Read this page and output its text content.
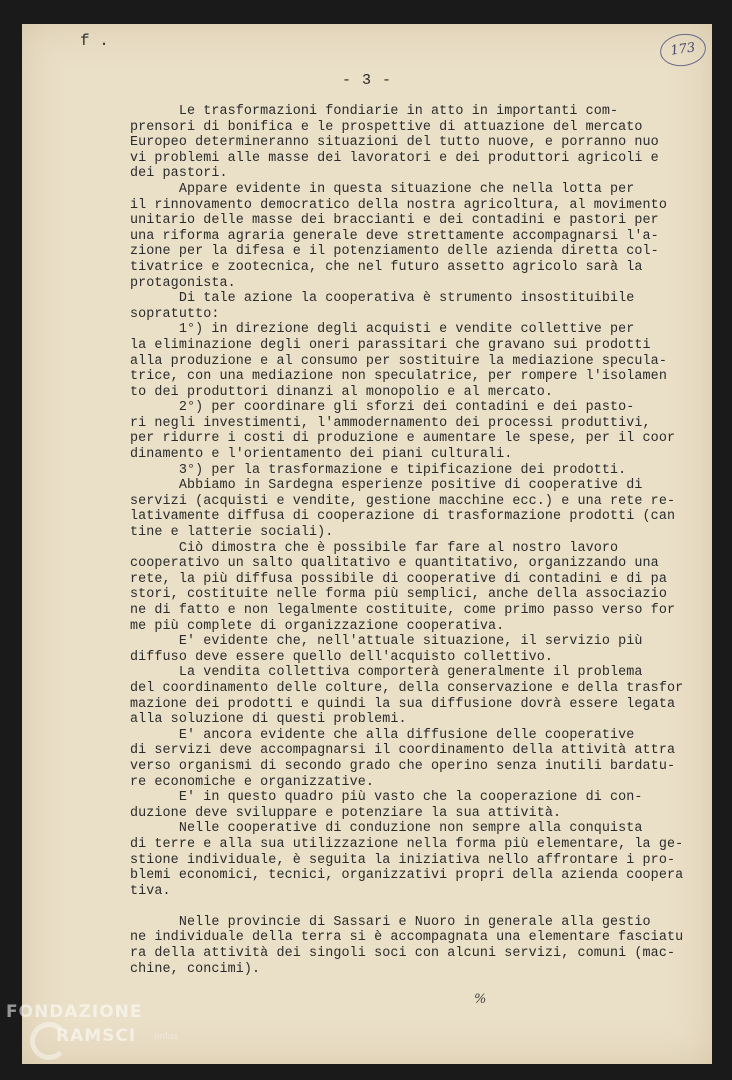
f .	173
- 3 -
Le trasformazioni fondiarie in atto in importanti com-
prensori di bonifica e le prospettive di attuazione del mercato
Europeo determineranno situazioni del tutto nuove, e porranno nuo
vi problemi alle masse dei lavoratori e dei produttori agricoli e
dei pastori.
Appare evidente in questa situazione che nella lotta per
il rinnovamento democratico della nostra agricoltura, al movimento
unitario delle masse dei braccianti e dei contadini e pastori per
una riforma agraria generale deve strettamente accompagnarsi l'a-
zione per la difesa e il potenziamento delle azienda diretta col-
tivatrice e zootecnica, che nel futuro assetto agricolo sarà la
protagonista.
Di tale azione la cooperativa è strumento insostituibile
sopratutto:
1°) in direzione degli acquisti e vendite collettive per
la eliminazione degli oneri parassitari che gravano sui prodotti
alla produzione e al consumo per sostituire la mediazione specula-
trice, con una mediazione non speculatrice, per rompere l'isolamen
to dei produttori dinanzi al monopolio e al mercato.
2°) per coordinare gli sforzi dei contadini e dei pasto-
ri negli investimenti, l'ammodernamento dei processi produttivi,
per ridurre i costi di produzione e aumentare le spese, per il coor
dinamento e l'orientamento dei piani culturali.
3°) per la trasformazione e tipificazione dei prodotti.
Abbiamo in Sardegna esperienze positive di cooperative di
servizi (acquisti e vendite, gestione macchine ecc.) e una rete re-
lativamente diffusa di cooperazione di trasformazione prodotti (can
tine e latterie sociali).
Ciò dimostra che è possibile far fare al nostro lavoro
cooperativo un salto qualitativo e quantitativo, organizzando una
rete, la più diffusa possibile di cooperative di contadini e di pa
stori, costituite nelle forma più semplici, anche della associazio
ne di fatto e non legalmente costituite, come primo passo verso for
me più complete di organizzazione cooperativa.
E' evidente che, nell'attuale situazione, il servizio più
diffuso deve essere quello dell'acquisto collettivo.
La vendita collettiva comporterà generalmente il problema
del coordinamento delle colture, della conservazione e della trasfor
mazione dei prodotti e quindi la sua diffusione dovrà essere legata
alla soluzione di questi problemi.
E' ancora evidente che alla diffusione delle cooperative
di servizi deve accompagnarsi il coordinamento della attività attra
verso organismi di secondo grado che operino senza inutili bardatu-
re economiche e organizzative.
E' in questo quadro più vasto che la cooperazione di con-
duzione deve sviluppare e potenziare la sua attività.
Nelle cooperative di conduzione non sempre alla conquista
di terre e alla sua utilizzazione nella forma più elementare, la ge-
stione individuale, è seguita la iniziativa nello affrontare i pro-
blemi economici, tecnici, organizzativi propri della azienda coopera
tiva.
Nelle provincie di Sassari e Nuoro in generale alla gestio
ne individuale della terra si è accompagnata una elementare fasciatu
ra della attività dei singoli soci con alcuni servizi, comuni (mac-
chine, concimi).
%
FONDAZIONE
RAMSCI onlus
